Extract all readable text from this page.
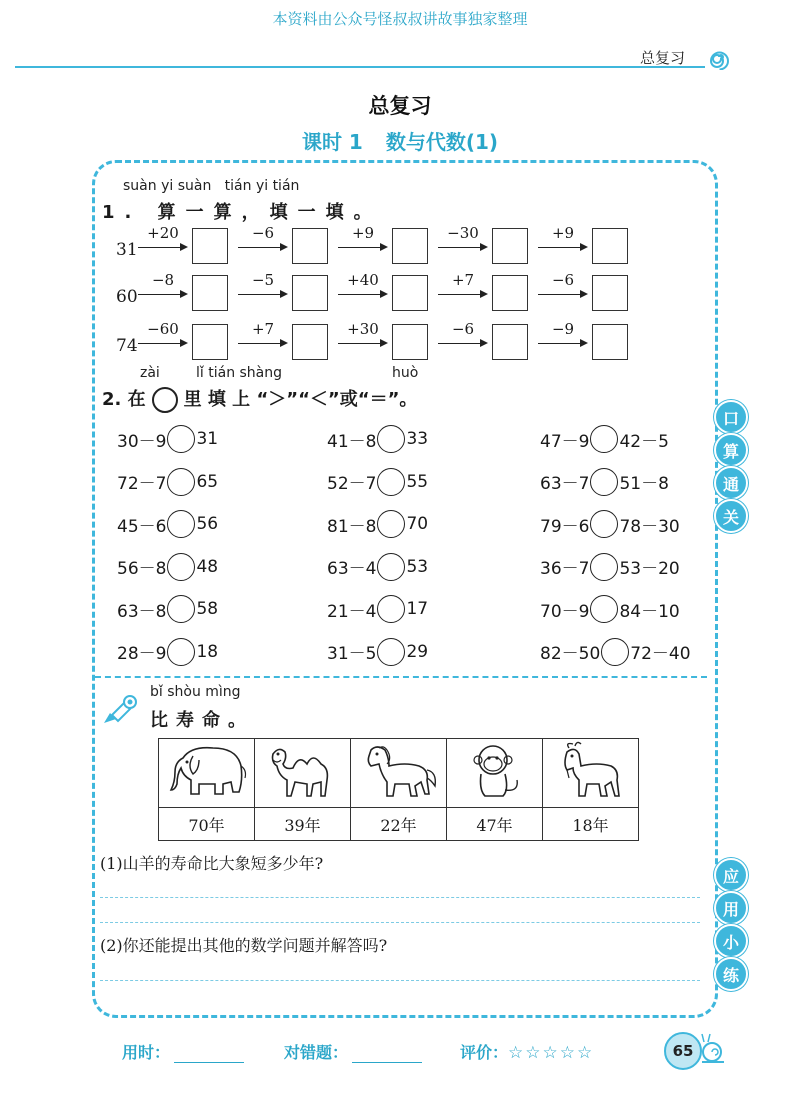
本资料由公众号怪叔叔讲故事独家整理
总复习
总复习
课时 1 数与代数(1)
suàn yi suàn   tián yi tián
1. 算一算，填一填。
31
+20	−6	+9	−30	+9
60
−8	−5	+40	+7	−6
74
−60	+7	+30	−6	−9
zài	lǐ tián shàng	huò
2. 在 里 填 上 “＞”“＜”或“＝”。
30－9 31	41－8 33	47－9 42－5
72－7 65	52－7 55	63－7 51－8
45－6 56	81－8 70	79－6 78－30
56－8 48	63－4 53	36－7 53－20
63－8 58	21－4 17	70－9 84－10
28－9 18	31－5 29	82－50 72－40
bǐ shòu mìng
比寿命。

70年	39年	22年	47年	18年
(1)山羊的寿命比大象短多少年?
(2)你还能提出其他的数学问题并解答吗?
口
算
通
关
应
用
小
练
用时：	对错题：	评价：☆☆☆☆☆	65
